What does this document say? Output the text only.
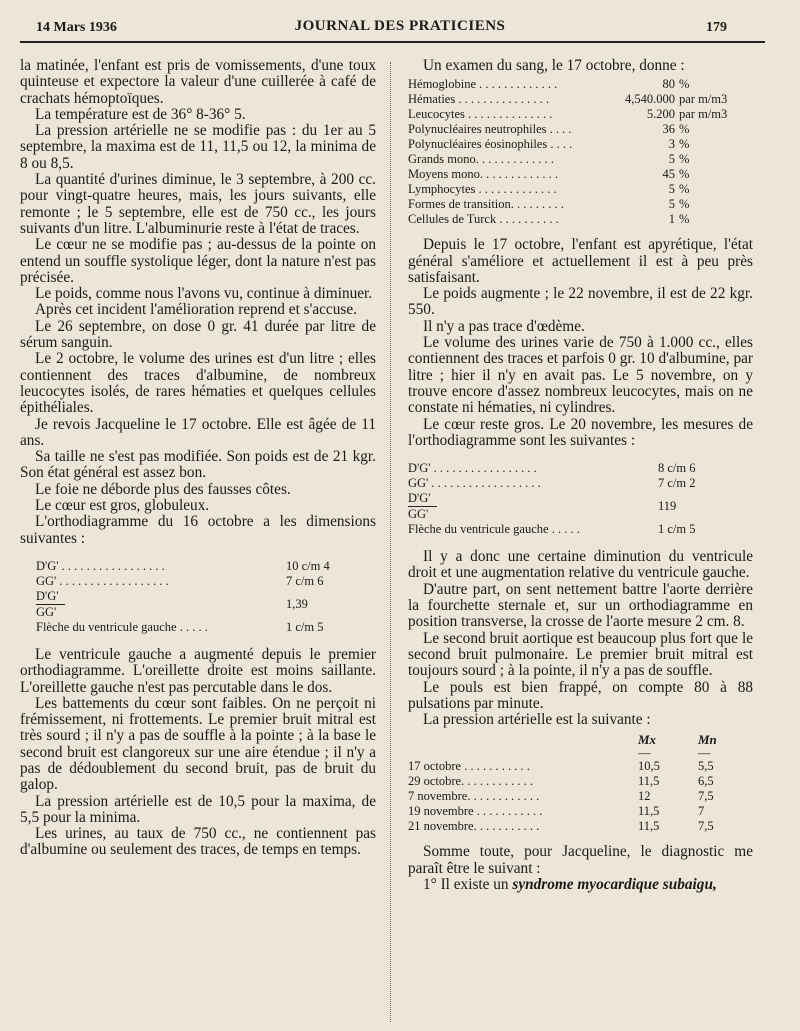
14 Mars 1936	JOURNAL DES PRATICIENS	179

la matinée, l'enfant est pris de vomissements, d'une toux quinteuse et expectore la valeur d'une cuillerée à café de crachats hémoptoïques.

La température est de 36° 8-36° 5.

La pression artérielle ne se modifie pas : du 1er au 5 septembre, la maxima est de 11, 11,5 ou 12, la minima de 8 ou 8,5.

La quantité d'urines diminue, le 3 septembre, à 200 cc. pour vingt-quatre heures, mais, les jours suivants, elle remonte ; le 5 septembre, elle est de 750 cc., les jours suivants d'un litre. L'albuminurie reste à l'état de traces.

Le cœur ne se modifie pas ; au-dessus de la pointe on entend un souffle systolique léger, dont la nature n'est pas précisée.

Le poids, comme nous l'avons vu, continue à diminuer.

Après cet incident l'amélioration reprend et s'accuse.

Le 26 septembre, on dose 0 gr. 41 durée par litre de sérum sanguin.

Le 2 octobre, le volume des urines est d'un litre ; elles contiennent des traces d'albumine, de nombreux leucocytes isolés, de rares hématies et quelques cellules épithéliales.

Je revois Jacqueline le 17 octobre. Elle est âgée de 11 ans.

Sa taille ne s'est pas modifiée. Son poids est de 21 kgr. Son état général est assez bon.

Le foie ne déborde plus des fausses côtes.

Le cœur est gros, globuleux.

L'orthodiagramme du 16 octobre a les dimensions suivantes :

D'G' . . . . . . . . . . . . . . . . .	10 c/m 4
GG' . . . . . . . . . . . . . . . . . .	7 c/m 6
D'G'
GG'	1,39
Flèche du ventricule gauche . . . . .	1 c/m 5

Le ventricule gauche a augmenté depuis le premier orthodiagramme. L'oreillette droite est moins saillante. L'oreillette gauche n'est pas percutable dans le dos.

Les battements du cœur sont faibles. On ne perçoit ni frémissement, ni frottements. Le premier bruit mitral est très sourd ; il n'y a pas de souffle à la pointe ; à la base le second bruit est clangoreux sur une aire étendue ; il n'y a pas de dédoublement du second bruit, pas de bruit du galop.

La pression artérielle est de 10,5 pour la maxima, de 5,5 pour la minima.

Les urines, au taux de 750 cc., ne contiennent pas d'albumine ou seulement des traces, de temps en temps.

Un examen du sang, le 17 octobre, donne :

Hémoglobine . . . . . . . . . . . . .	80	%
Hématies . . . . . . . . . . . . . . .	4,540.000	par m/m3
Leucocytes . . . . . . . . . . . . . .	5.200	par m/m3
Polynucléaires neutrophiles . . . .	36	%
Polynucléaires éosinophiles . . . .	3	%
Grands mono. . . . . . . . . . . . .	5	%
Moyens mono. . . . . . . . . . . . .	45	%
Lymphocytes . . . . . . . . . . . . .	5	%
Formes de transition. . . . . . . . .	5	%
Cellules de Turck . . . . . . . . . .	1	%

Depuis le 17 octobre, l'enfant est apyrétique, l'état général s'améliore et actuellement il est à peu près satisfaisant.

Le poids augmente ; le 22 novembre, il est de 22 kgr. 550.

Il n'y a pas trace d'œdème.

Le volume des urines varie de 750 à 1.000 cc., elles contiennent des traces et parfois 0 gr. 10 d'albumine, par litre ; hier il n'y en avait pas. Le 5 novembre, on y trouve encore d'assez nombreux leucocytes, mais on ne constate ni hématies, ni cylindres.

Le cœur reste gros. Le 20 novembre, les mesures de l'orthodiagramme sont les suivantes :

D'G' . . . . . . . . . . . . . . . . .	8 c/m 6
GG' . . . . . . . . . . . . . . . . . .	7 c/m 2
D'G'
GG'	119
Flèche du ventricule gauche . . . . .	1 c/m 5

Il y a donc une certaine diminution du ventricule droit et une augmentation relative du ventricule gauche.

D'autre part, on sent nettement battre l'aorte derrière la fourchette sternale et, sur un orthodiagramme en position transverse, la crosse de l'aorte mesure 2 cm. 8.

Le second bruit aortique est beaucoup plus fort que le second bruit pulmonaire. Le premier bruit mitral est toujours sourd ; à la pointe, il n'y a pas de souffle.

Le pouls est bien frappé, on compte 80 à 88 pulsations par minute.

La pression artérielle est la suivante :

	Mx	Mn
	—	—
17 octobre . . . . . . . . . . .	10,5	5,5
29 octobre. . . . . . . . . . . .	11,5	6,5
7 novembre. . . . . . . . . . . .	12	7,5
19 novembre . . . . . . . . . . .	11,5	7
21 novembre. . . . . . . . . . .	11,5	7,5

Somme toute, pour Jacqueline, le diagnostic me paraît être le suivant :

1° Il existe un syndrome myocardique subaigu,
